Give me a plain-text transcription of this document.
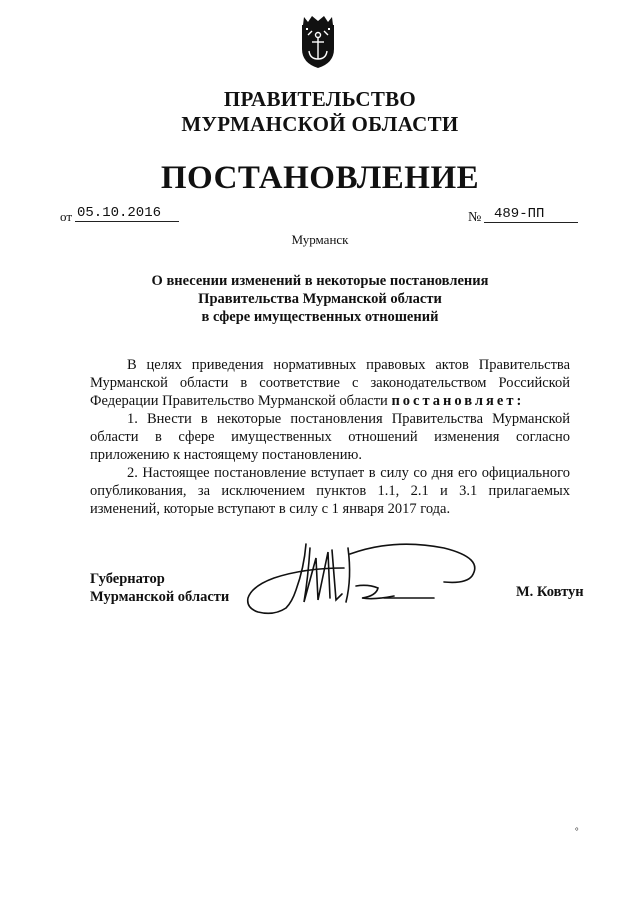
ПРАВИТЕЛЬСТВО
МУРМАНСКОЙ ОБЛАСТИ
ПОСТАНОВЛЕНИЕ
от 05.10.2016	№ 489-ПП
Мурманск
О внесении изменений в некоторые постановления
Правительства Мурманской области
в сфере имущественных отношений

В целях приведения нормативных правовых актов Правительства Мурманской области в соответствие с законодательством Российской Федерации Правительство Мурманской области постановляет:

1. Внести в некоторые постановления Правительства Мурманской области в сфере имущественных отношений изменения согласно приложению к настоящему постановлению.

2. Настоящее постановление вступает в силу со дня его официального опубликования, за исключением пунктов 1.1, 2.1 и 3.1 прилагаемых изменений, которые вступают в силу с 1 января 2017 года.

Губернатор
Мурманской области	М. Ковтун
°
